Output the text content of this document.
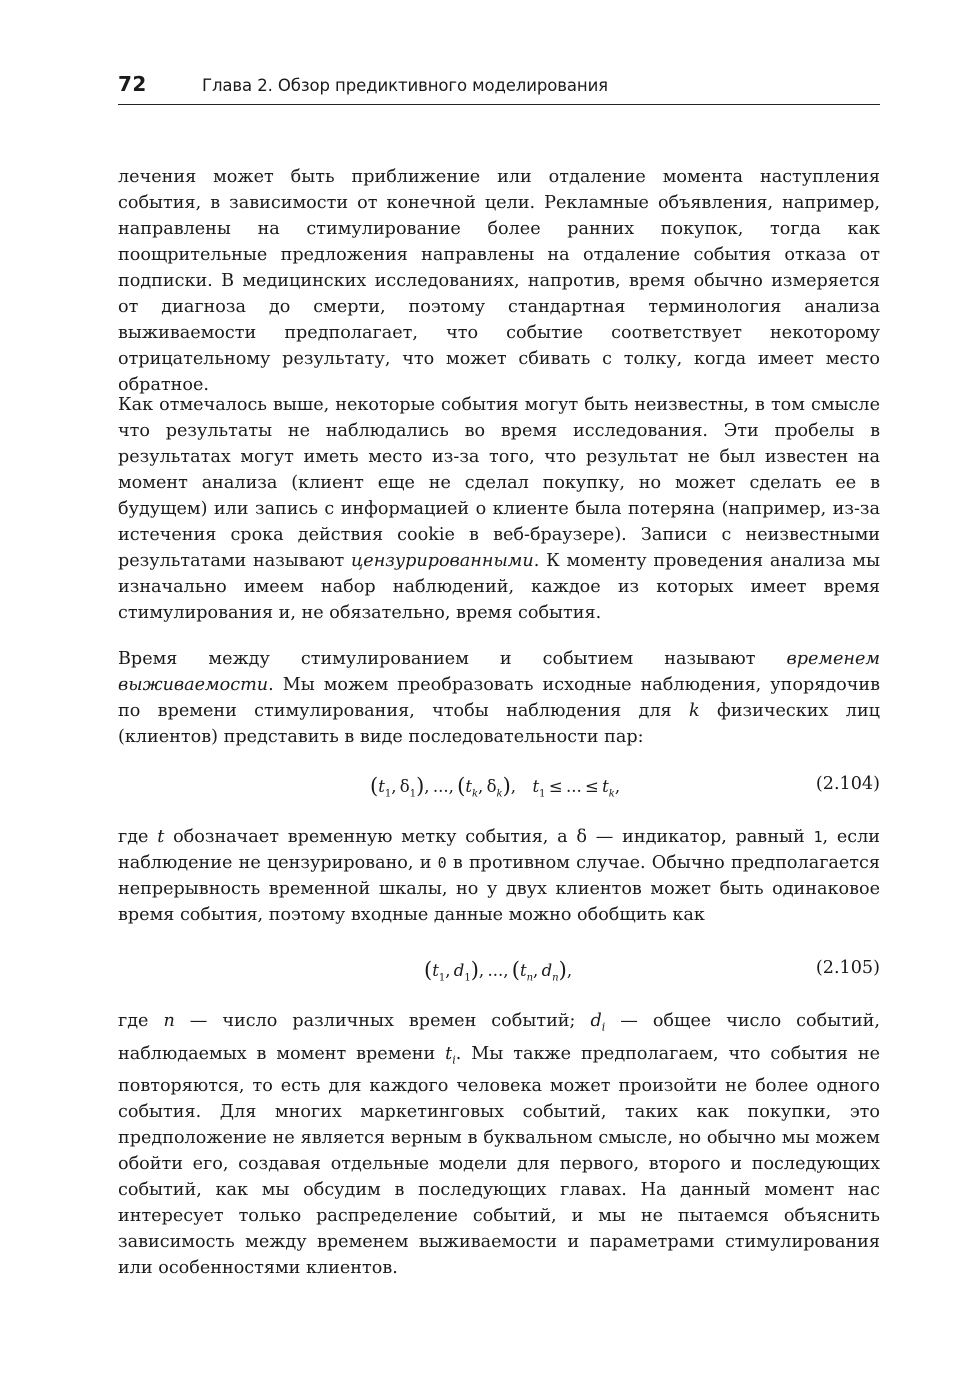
72	Глава 2. Обзор предиктивного моделирования

лечения может быть приближение или отдаление момента наступления события, в зависимости от конечной цели. Рекламные объявления, например, направлены на стимулирование более ранних покупок, тогда как поощрительные предложения направлены на отдаление события отказа от подписки. В медицинских исследованиях, напротив, время обычно измеряется от диагноза до смерти, поэтому стандартная терминология анализа выживаемости предполагает, что событие соответствует некоторому отрицательному результату, что может сбивать с толку, когда имеет место обратное.

Как отмечалось выше, некоторые события могут быть неизвестны, в том смысле что результаты не наблюдались во время исследования. Эти пробелы в результатах могут иметь место из-за того, что результат не был известен на момент анализа (клиент еще не сделал покупку, но может сделать ее в будущем) или запись с информацией о клиенте была потеряна (например, из-за истечения срока действия cookie в веб-браузере). Записи с неизвестными результатами называют цензурированными. К моменту проведения анализа мы изначально имеем набор наблюдений, каждое из которых имеет время стимулирования и, не обязательно, время события.

Время между стимулированием и событием называют временем выживаемости. Мы можем преобразовать исходные наблюдения, упорядочив по времени стимулирования, чтобы наблюдения для k физических лиц (клиентов) представить в виде последовательности пар:

($t_1$,  $\delta_1$),  ...,  ($t_k$,  $\delta_k$),  $t_1$  ≤  ...  ≤  $t_k$,	(2.104)

где t обозначает временную метку события, а δ — индикатор, равный 1, если наблюдение не цензурировано, и 0 в противном случае. Обычно предполагается непрерывность временной шкалы, но у двух клиентов может быть одинаковое время события, поэтому входные данные можно обобщить как

($t_1$,  $d_1$),  ...,  ($t_n$,  $d_n$),	(2.105)

где n — число различных времен событий; $d_i$ — общее число событий, наблюдаемых в момент времени $t_i$. Мы также предполагаем, что события не повторяются, то есть для каждого человека может произойти не более одного события. Для многих маркетинговых событий, таких как покупки, это предположение не является верным в буквальном смысле, но обычно мы можем обойти его, создавая отдельные модели для первого, второго и последующих событий, как мы обсудим в последующих главах. На данный момент нас интересует только распределение событий, и мы не пытаемся объяснить зависимость между временем выживаемости и параметрами стимулирования или особенностями клиентов.
